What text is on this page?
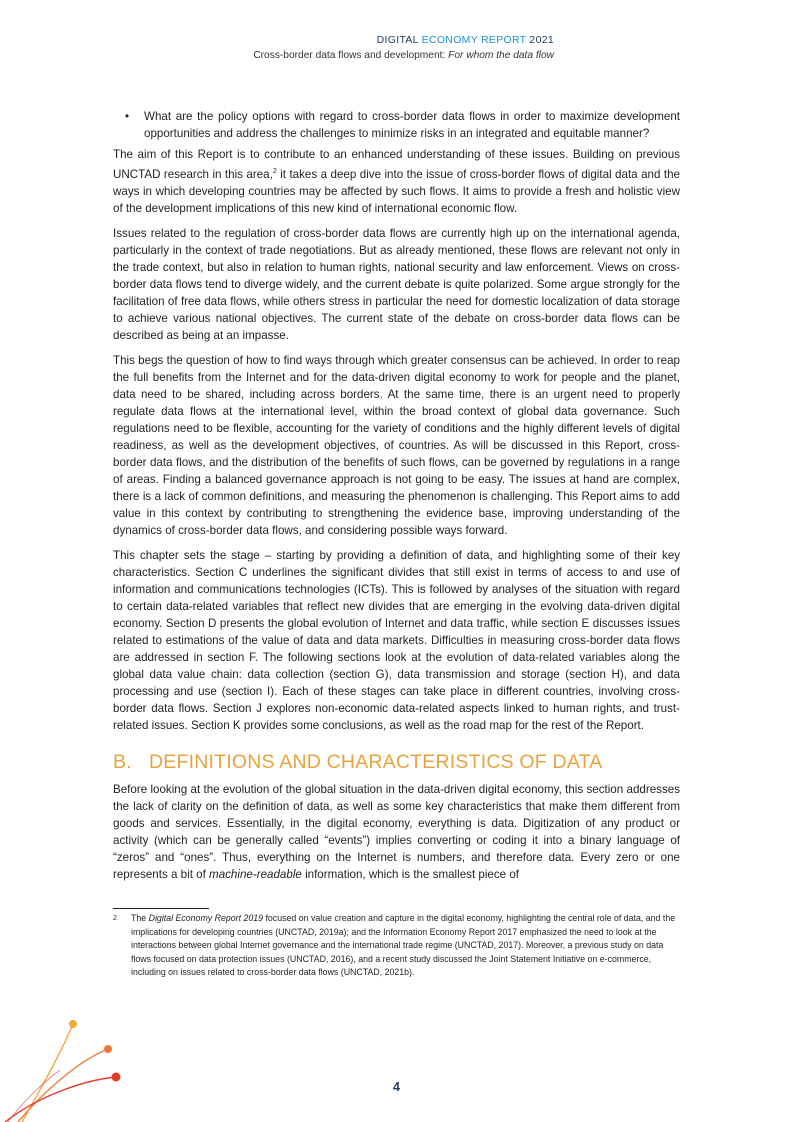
DIGITAL ECONOMY REPORT 2021
Cross-border data flows and development: For whom the data flow

• What are the policy options with regard to cross-border data flows in order to maximize development opportunities and address the challenges to minimize risks in an integrated and equitable manner?

The aim of this Report is to contribute to an enhanced understanding of these issues. Building on previous UNCTAD research in this area,$^2$ it takes a deep dive into the issue of cross-border flows of digital data and the ways in which developing countries may be affected by such flows. It aims to provide a fresh and holistic view of the development implications of this new kind of international economic flow.

Issues related to the regulation of cross-border data flows are currently high up on the international agenda, particularly in the context of trade negotiations. But as already mentioned, these flows are relevant not only in the trade context, but also in relation to human rights, national security and law enforcement. Views on cross-border data flows tend to diverge widely, and the current debate is quite polarized. Some argue strongly for the facilitation of free data flows, while others stress in particular the need for domestic localization of data storage to achieve various national objectives. The current state of the debate on cross-border data flows can be described as being at an impasse.

This begs the question of how to find ways through which greater consensus can be achieved. In order to reap the full benefits from the Internet and for the data-driven digital economy to work for people and the planet, data need to be shared, including across borders. At the same time, there is an urgent need to properly regulate data flows at the international level, within the broad context of global data governance. Such regulations need to be flexible, accounting for the variety of conditions and the highly different levels of digital readiness, as well as the development objectives, of countries. As will be discussed in this Report, cross-border data flows, and the distribution of the benefits of such flows, can be governed by regulations in a range of areas. Finding a balanced governance approach is not going to be easy. The issues at hand are complex, there is a lack of common definitions, and measuring the phenomenon is challenging. This Report aims to add value in this context by contributing to strengthening the evidence base, improving understanding of the dynamics of cross-border data flows, and considering possible ways forward.

This chapter sets the stage – starting by providing a definition of data, and highlighting some of their key characteristics. Section C underlines the significant divides that still exist in terms of access to and use of information and communications technologies (ICTs). This is followed by analyses of the situation with regard to certain data-related variables that reflect new divides that are emerging in the evolving data-driven digital economy. Section D presents the global evolution of Internet and data traffic, while section E discusses issues related to estimations of the value of data and data markets. Difficulties in measuring cross-border data flows are addressed in section F. The following sections look at the evolution of data-related variables along the global data value chain: data collection (section G), data transmission and storage (section H), and data processing and use (section I). Each of these stages can take place in different countries, involving cross-border data flows. Section J explores non-economic data-related aspects linked to human rights, and trust-related issues. Section K provides some conclusions, as well as the road map for the rest of the Report.

B. DEFINITIONS AND CHARACTERISTICS OF DATA

Before looking at the evolution of the global situation in the data-driven digital economy, this section addresses the lack of clarity on the definition of data, as well as some key characteristics that make them different from goods and services. Essentially, in the digital economy, everything is data. Digitization of any product or activity (which can be generally called “events”) implies converting or coding it into a binary language of “zeros” and “ones”. Thus, everything on the Internet is numbers, and therefore data. Every zero or one represents a bit of machine-readable information, which is the smallest piece of

2	The Digital Economy Report 2019 focused on value creation and capture in the digital economy, highlighting the central role of data, and the implications for developing countries (UNCTAD, 2019a); and the Information Economy Report 2017 emphasized the need to look at the interactions between global Internet governance and the international trade regime (UNCTAD, 2017). Moreover, a previous study on data flows focused on data protection issues (UNCTAD, 2016), and a recent study discussed the Joint Statement Initiative on e-commerce, including on issues related to cross-border data flows (UNCTAD, 2021b).
4
